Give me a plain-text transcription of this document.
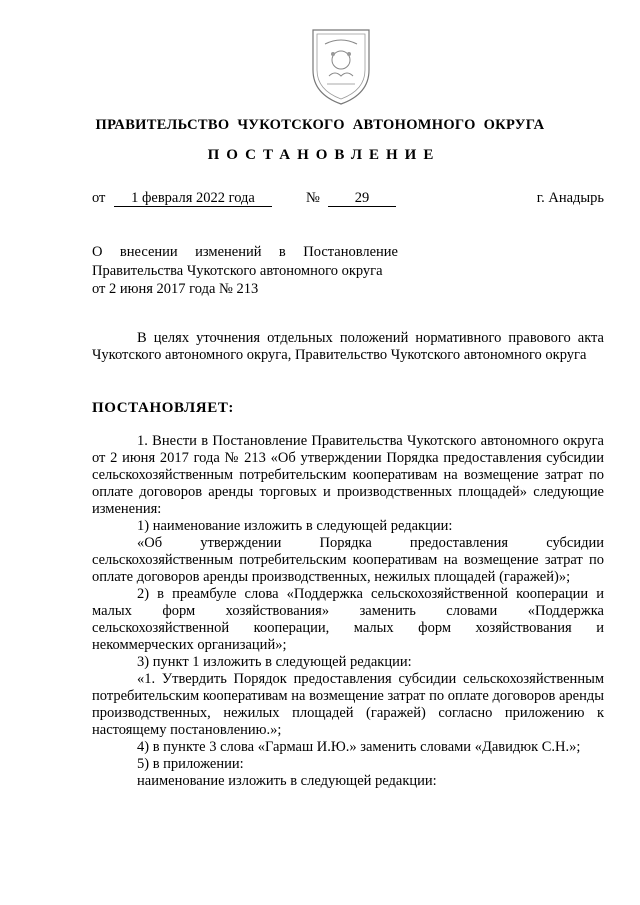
ПРАВИТЕЛЬСТВО ЧУКОТСКОГО АВТОНОМНОГО ОКРУГА
ПОСТАНОВЛЕНИЕ
от	1 февраля 2022 года	№	29	г. Анадырь
О внесении изменений в Постановление
Правительства Чукотского автономного округа
от 2 июня 2017 года № 213

В целях уточнения отдельных положений нормативного правового акта Чукотского автономного округа, Правительство Чукотского автономного округа

ПОСТАНОВЛЯЕТ:

1. Внести в Постановление Правительства Чукотского автономного округа от 2 июня 2017 года № 213 «Об утверждении Порядка предоставления субсидии сельскохозяйственным потребительским кооперативам на возмещение затрат по оплате договоров аренды торговых и производственных площадей» следующие изменения:

1) наименование изложить в следующей редакции:

«Об утверждении Порядка предоставления субсидии сельскохозяйственным потребительским кооперативам на возмещение затрат по оплате договоров аренды производственных, нежилых площадей (гаражей)»;

2) в преамбуле слова «Поддержка сельскохозяйственной кооперации и малых форм хозяйствования» заменить словами «Поддержка сельскохозяйственной кооперации, малых форм хозяйствования и некоммерческих организаций»;

3) пункт 1 изложить в следующей редакции:

«1. Утвердить Порядок предоставления субсидии сельскохозяйственным потребительским кооперативам на возмещение затрат по оплате договоров аренды производственных, нежилых площадей (гаражей) согласно приложению к настоящему постановлению.»;

4) в пункте 3 слова «Гармаш И.Ю.» заменить словами «Давидюк С.Н.»;

5) в приложении:

наименование изложить в следующей редакции:
